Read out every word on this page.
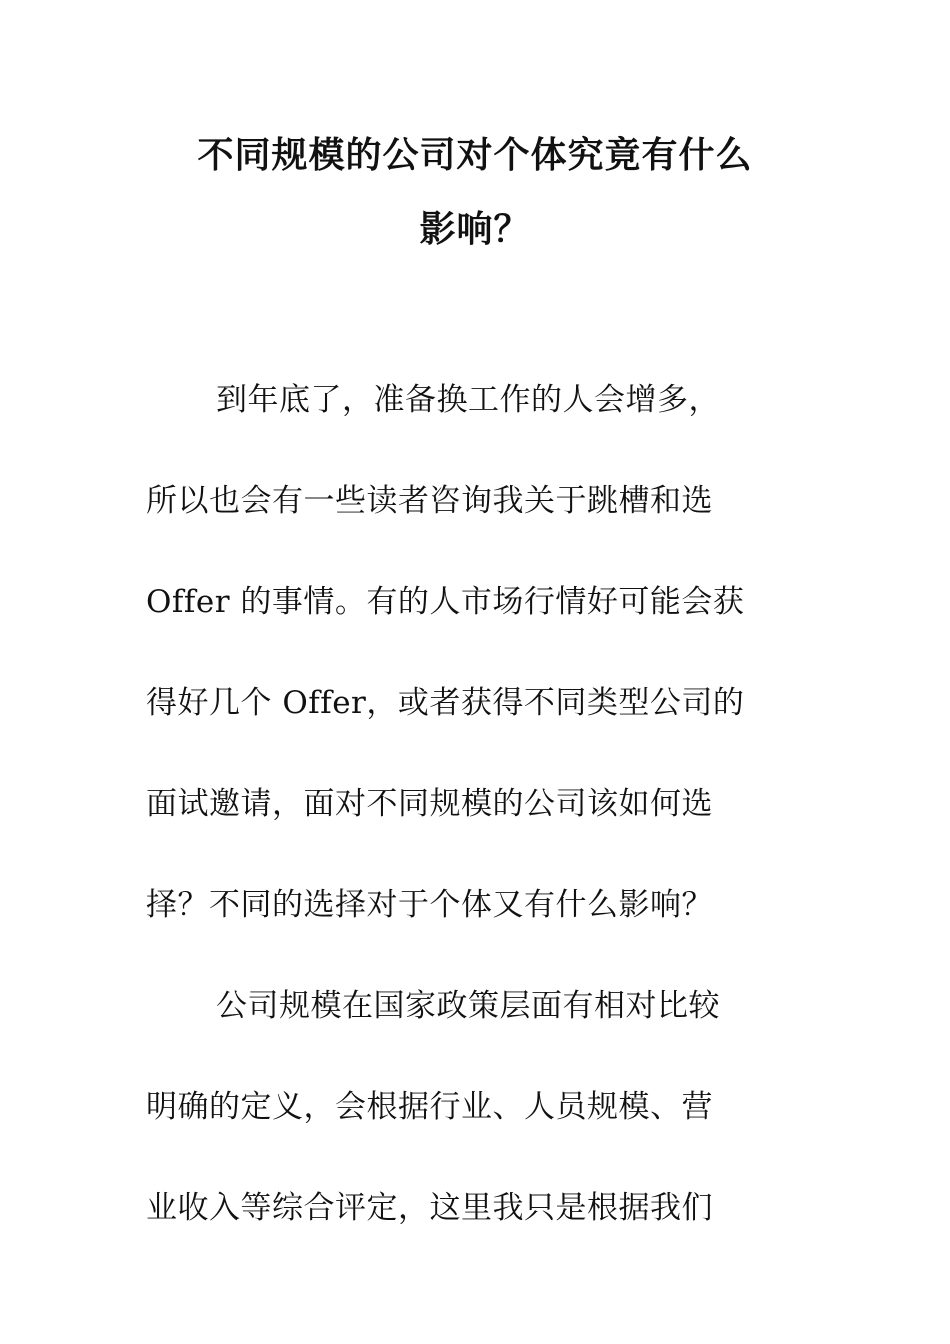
不同规模的公司对个体究竟有什么
影响？
到年底了，准备换工作的人会增多，
所以也会有一些读者咨询我关于跳槽和选
Offer 的事情。有的人市场行情好可能会获
得好几个 Offer，或者获得不同类型公司的
面试邀请，面对不同规模的公司该如何选
择？不同的选择对于个体又有什么影响？
公司规模在国家政策层面有相对比较
明确的定义，会根据行业、人员规模、营
业收入等综合评定，这里我只是根据我们
